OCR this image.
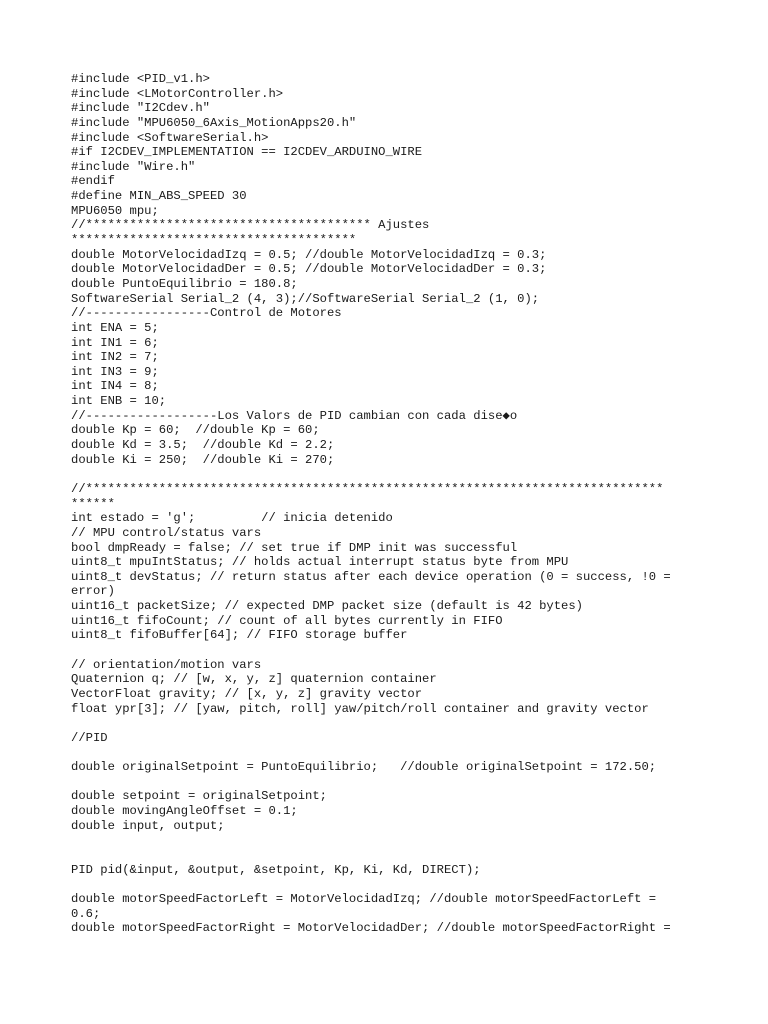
#include <PID_v1.h>
#include <LMotorController.h>
#include "I2Cdev.h"
#include "MPU6050_6Axis_MotionApps20.h"
#include <SoftwareSerial.h>
#if I2CDEV_IMPLEMENTATION == I2CDEV_ARDUINO_WIRE
#include "Wire.h"
#endif
#define MIN_ABS_SPEED 30
MPU6050 mpu;
//*************************************** Ajustes
***************************************
double MotorVelocidadIzq = 0.5; //double MotorVelocidadIzq = 0.3;
double MotorVelocidadDer = 0.5; //double MotorVelocidadDer = 0.3;
double PuntoEquilibrio = 180.8;
SoftwareSerial Serial_2 (4, 3);//SoftwareSerial Serial_2 (1, 0);
//-----------------Control de Motores
int ENA = 5;
int IN1 = 6;
int IN2 = 7;
int IN3 = 9;
int IN4 = 8;
int ENB = 10;
//------------------Los Valors de PID cambian con cada dise◆o
double Kp = 60;  //double Kp = 60;
double Kd = 3.5;  //double Kd = 2.2;
double Ki = 250;  //double Ki = 270;

//*******************************************************************************
******
int estado = 'g';         // inicia detenido
// MPU control/status vars
bool dmpReady = false; // set true if DMP init was successful
uint8_t mpuIntStatus; // holds actual interrupt status byte from MPU
uint8_t devStatus; // return status after each device operation (0 = success, !0 =
error)
uint16_t packetSize; // expected DMP packet size (default is 42 bytes)
uint16_t fifoCount; // count of all bytes currently in FIFO
uint8_t fifoBuffer[64]; // FIFO storage buffer

// orientation/motion vars
Quaternion q; // [w, x, y, z] quaternion container
VectorFloat gravity; // [x, y, z] gravity vector
float ypr[3]; // [yaw, pitch, roll] yaw/pitch/roll container and gravity vector

//PID

double originalSetpoint = PuntoEquilibrio;   //double originalSetpoint = 172.50;

double setpoint = originalSetpoint;
double movingAngleOffset = 0.1;
double input, output;

PID pid(&input, &output, &setpoint, Kp, Ki, Kd, DIRECT);

double motorSpeedFactorLeft = MotorVelocidadIzq; //double motorSpeedFactorLeft =
0.6;
double motorSpeedFactorRight = MotorVelocidadDer; //double motorSpeedFactorRight =
